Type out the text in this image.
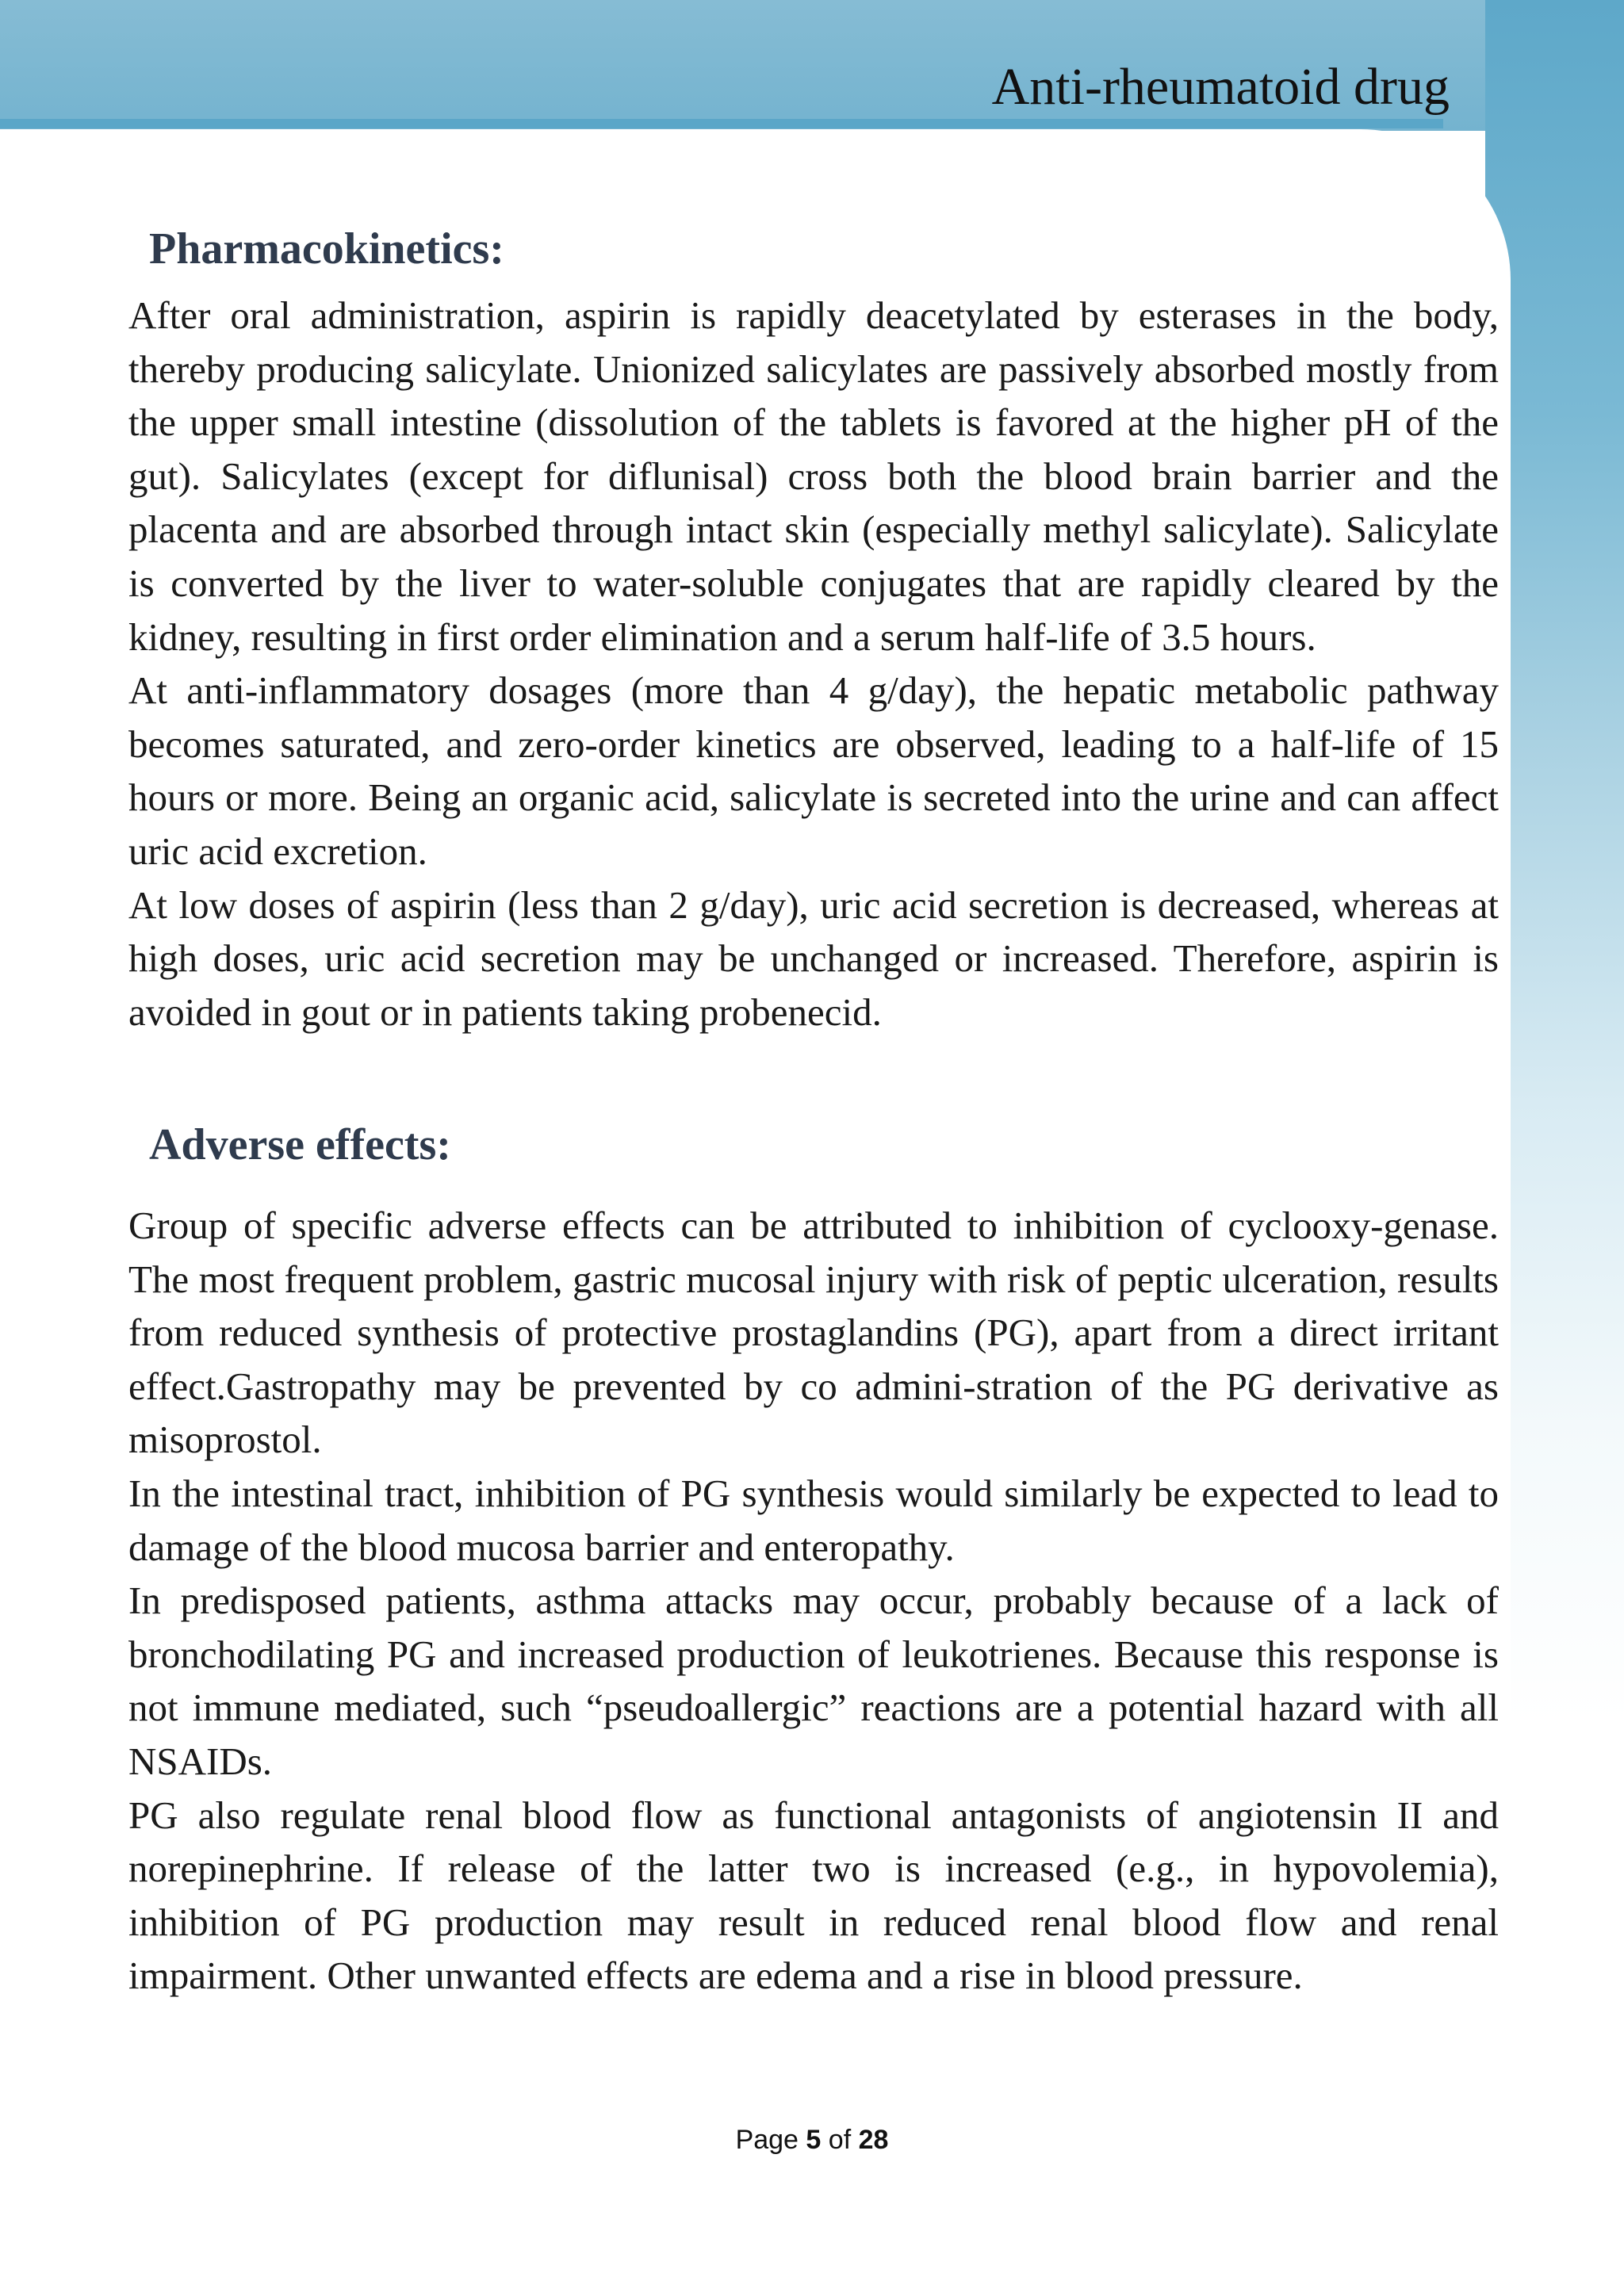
Anti-rheumatoid drug
Pharmacokinetics:

After oral administration, aspirin is rapidly deacetylated by esterases in the body, thereby producing salicylate. Unionized salicylates are passively absorbed mostly from the upper small intestine (dissolution of the tablets is favored at the higher pH of the gut). Salicylates (except for diflunisal) cross both the blood brain barrier and the placenta and are absorbed through intact skin (especially methyl salicylate). Salicylate is converted by the liver to water-soluble conjugates that are rapidly cleared by the kidney, resulting in first order elimination and a serum half-life of 3.5 hours.

At anti-inflammatory dosages (more than 4 g/day), the hepatic metabolic pathway becomes saturated, and zero-order kinetics are observed, leading to a half-life of 15 hours or more. Being an organic acid, salicylate is secreted into the urine and can affect uric acid excretion.

At low doses of aspirin (less than 2 g/day), uric acid secretion is decreased, whereas at high doses, uric acid secretion may be unchanged or increased. Therefore, aspirin is avoided in gout or in patients taking probenecid.

Adverse effects:

Group of specific adverse effects can be attributed to inhibition of cyclooxy-genase. The most frequent problem, gastric mucosal injury with risk of peptic ulceration, results from reduced synthesis of protective prostaglandins (PG), apart from a direct irritant effect.Gastropathy may be prevented by co admini-stration of the PG derivative as misoprostol.

In the intestinal tract, inhibition of PG synthesis would similarly be expected to lead to damage of the blood mucosa barrier and enteropathy.

In predisposed patients, asthma attacks may occur, probably because of a lack of bronchodilating PG and increased production of leukotrienes. Because this response is not immune mediated, such “pseudoallergic” reactions are a potential hazard with all NSAIDs.

PG also regulate renal blood flow as functional antagonists of angiotensin II and norepinephrine. If release of the latter two is increased (e.g., in hypovolemia), inhibition of PG production may result in reduced renal blood flow and renal impairment. Other unwanted effects are edema and a rise in blood pressure.

Page 5 of 28
